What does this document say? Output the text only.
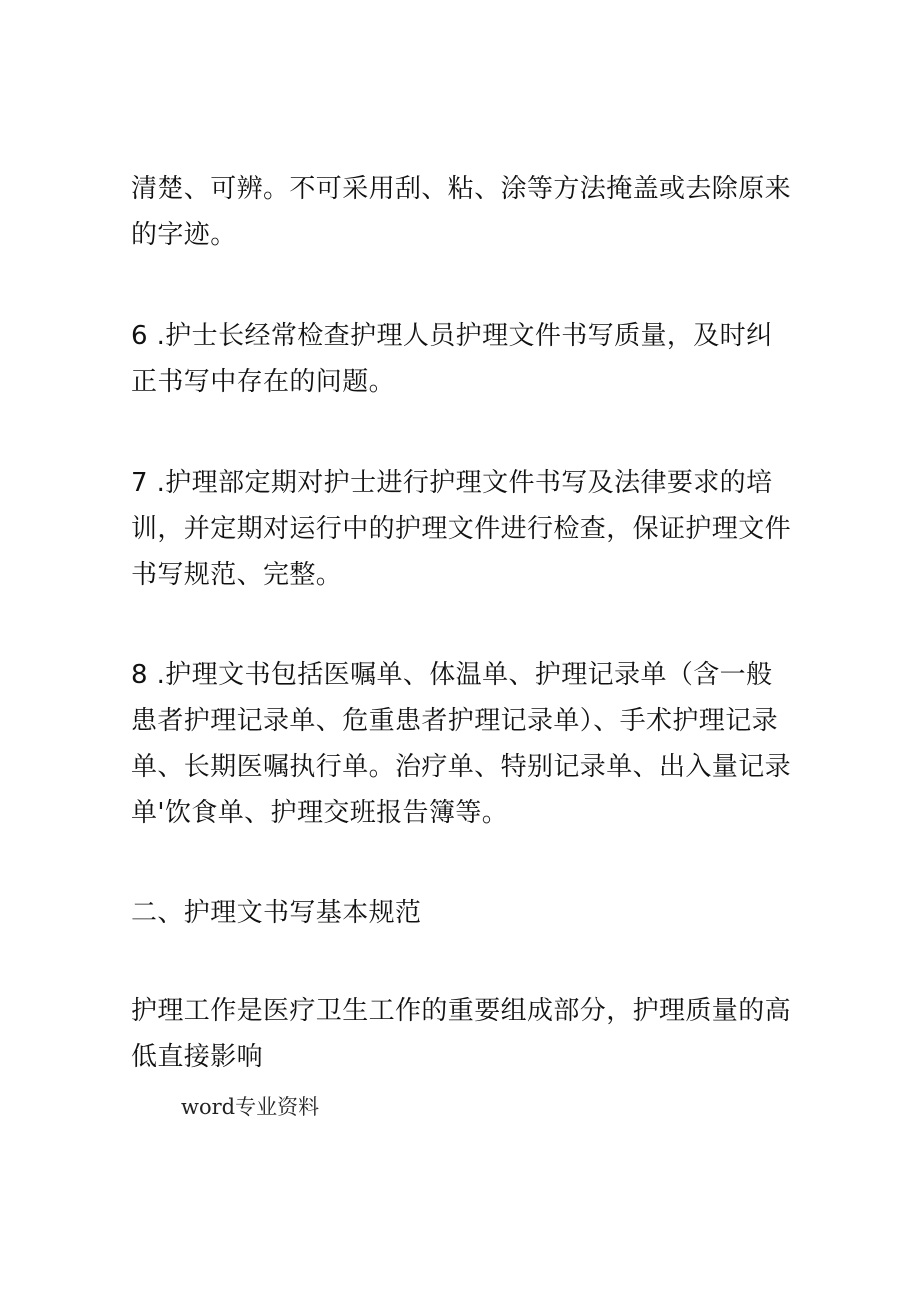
清楚、可辨。不可采用刮、粘、涂等方法掩盖或去除原来的字迹。

6 .护士长经常检查护理人员护理文件书写质量，及时纠正书写中存在的问题。

7 .护理部定期对护士进行护理文件书写及法律要求的培训，并定期对运行中的护理文件进行检查，保证护理文件书写规范、完整。

8 .护理文书包括医嘱单、体温单、护理记录单（含一般患者护理记录单、危重患者护理记录单）、手术护理记录单、长期医嘱执行单。治疗单、特别记录单、出入量记录单'饮食单、护理交班报告簿等。

二、护理文书写基本规范

护理工作是医疗卫生工作的重要组成部分，护理质量的高低直接影响

word专业资料
